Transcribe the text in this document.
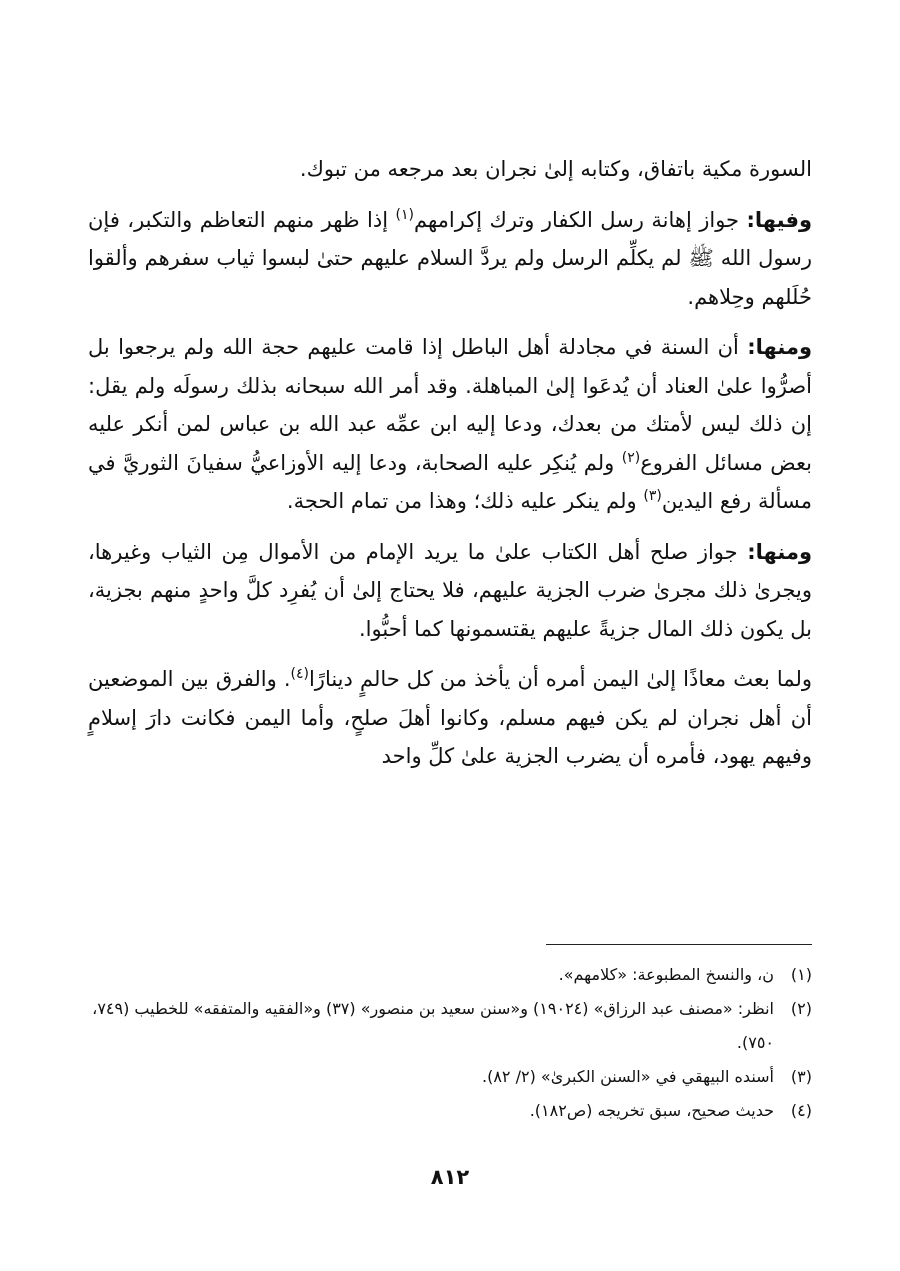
السورة مكية باتفاق، وكتابه إلىٰ نجران بعد مرجعه من تبوك.

وفيها: جواز إهانة رسل الكفار وترك إكرامهم$^{(١)}$ إذا ظهر منهم التعاظم والتكبر، فإن رسول الله ﷺ لم يكلِّم الرسل ولم يردَّ السلام عليهم حتىٰ لبسوا ثياب سفرهم وألقوا حُلَلهم وحِلاهم.

ومنها: أن السنة في مجادلة أهل الباطل إذا قامت عليهم حجة الله ولم يرجعوا بل أصرُّوا علىٰ العناد أن يُدعَوا إلىٰ المباهلة. وقد أمر الله سبحانه بذلك رسولَه ولم يقل: إن ذلك ليس لأمتك من بعدك، ودعا إليه ابن عمِّه عبد الله بن عباس لمن أنكر عليه بعض مسائل الفروع$^{(٢)}$ ولم يُنكِر عليه الصحابة، ودعا إليه الأوزاعيُّ سفيانَ الثوريَّ في مسألة رفع اليدين$^{(٣)}$ ولم ينكر عليه ذلك؛ وهذا من تمام الحجة.

ومنها: جواز صلح أهل الكتاب علىٰ ما يريد الإمام من الأموال مِن الثياب وغيرها، ويجرىٰ ذلك مجرىٰ ضرب الجزية عليهم، فلا يحتاج إلىٰ أن يُفرِد كلَّ واحدٍ منهم بجزية، بل يكون ذلك المال جزيةً عليهم يقتسمونها كما أحبُّوا.

ولما بعث معاذًا إلىٰ اليمن أمره أن يأخذ من كل حالمٍ دينارًا$^{(٤)}$. والفرق بين الموضعين أن أهل نجران لم يكن فيهم مسلم، وكانوا أهلَ صلحٍ، وأما اليمن فكانت دارَ إسلامٍ وفيهم يهود، فأمره أن يضرب الجزية علىٰ كلِّ واحد

(١)
ن، والنسخ المطبوعة: «كلامهم».
(٢)
انظر: «مصنف عبد الرزاق» (١٩٠٢٤) و«سنن سعيد بن منصور» (٣٧) و«الفقيه والمتفقه» للخطيب (٧٤٩، ٧٥٠).
(٣)
أسنده البيهقي في «السنن الكبرىٰ» (٢/ ٨٢).
(٤)
حديث صحيح، سبق تخريجه (ص١٨٢).
٨١٢
